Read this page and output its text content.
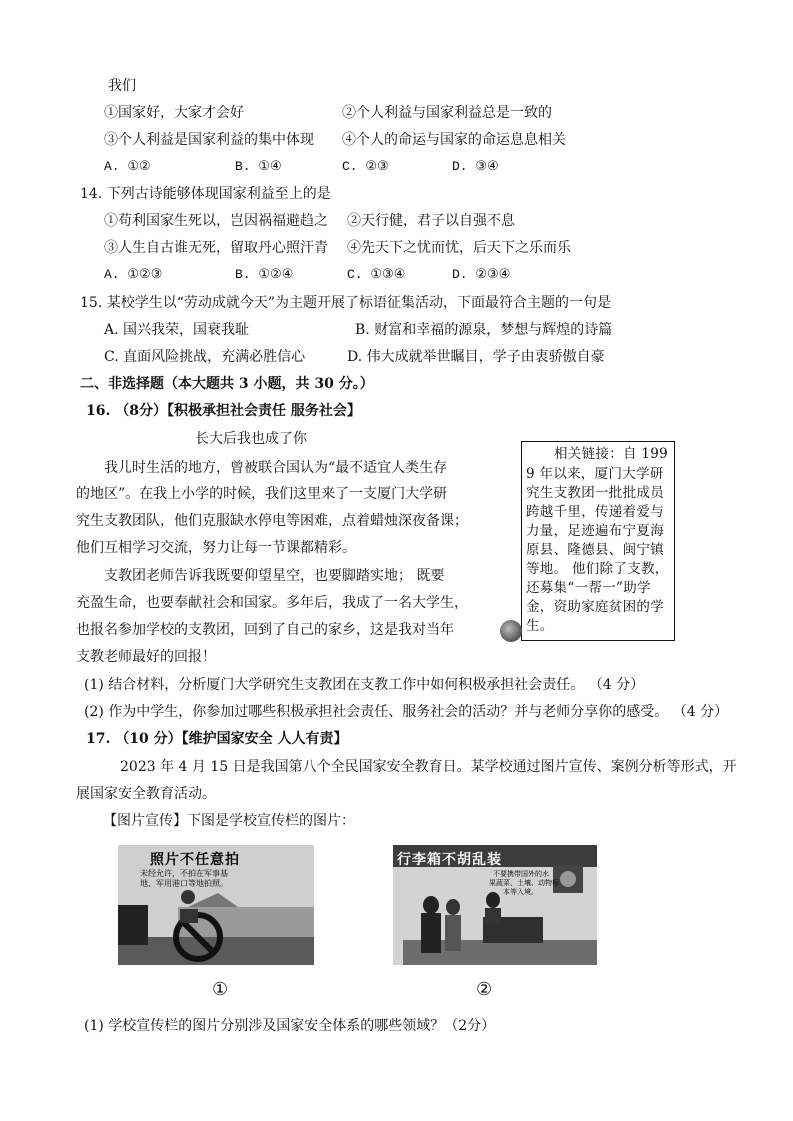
我们
①国家好，大家才会好	②个人利益与国家利益总是一致的
③个人利益是国家利益的集中体现 ④个人的命运与国家的命运息息相关
A. ①②	B. ①④	C. ②③	D. ③④
14. 下列古诗能够体现国家利益至上的是
①苟利国家生死以，岂因祸福避趋之 ②天行健，君子以自强不息
③人生自古谁无死，留取丹心照汗青 ④先天下之忧而忧，后天下之乐而乐
A. ①②③	B. ①②④	C. ①③④	D. ②③④
15. 某校学生以“劳动成就今天”为主题开展了标语征集活动，下面最符合主题的一句是
A. 国兴我荣，国衰我耻	B. 财富和幸福的源泉，梦想与辉煌的诗篇
C. 直面风险挑战，充满必胜信心	D. 伟大成就举世瞩目，学子由衷骄傲自豪
二、非选择题（本大题共 3 小题，共 30 分。）
16. （8分）【积极承担社会责任 服务社会】
长大后我也成了你
我儿时生活的地方，曾被联合国认为“最不适宜人类生存
的地区”。在我上小学的时候，我们这里来了一支厦门大学研
究生支教团队，他们克服缺水停电等困难，点着蜡烛深夜备课；
他们互相学习交流，努力让每一节课都精彩。
支教团老师告诉我既要仰望星空，也要脚踏实地； 既要
充盈生命，也要奉献社会和国家。多年后，我成了一名大学生，
也报名参加学校的支教团，回到了自己的家乡，这是我对当年
支教老师最好的回报！
相关链接：自 199
9 年以来，厦门大学研
究生支教团一批批成员
跨越千里，传递着爱与
力量，足迹遍布宁夏海
原县、隆德县、闽宁镇
等地。 他们除了支教，
还募集“一帮一”助学
金，资助家庭贫困的学
生。
(1) 结合材料，分析厦门大学研究生支教团在支教工作中如何积极承担社会责任。 （4 分）
(2) 作为中学生，你参加过哪些积极承担社会责任、服务社会的活动？并与老师分享你的感受。 （4 分）
17. （10 分）【维护国家安全 人人有责】
2023 年 4 月 15 日是我国第八个全民国家安全教育日。某学校通过图片宣传、案例分析等形式，开
展国家安全教育活动。
【图片宣传】下图是学校宣传栏的图片：
照片不任意拍
未经允许，不拍在军事基
地、军用港口等地拍照。
①
行李箱不胡乱装
不要携带国外的水
果蔬菜、土壤、动物标
本等入境。
②
(1) 学校宣传栏的图片分别涉及国家安全体系的哪些领域？（2分）
